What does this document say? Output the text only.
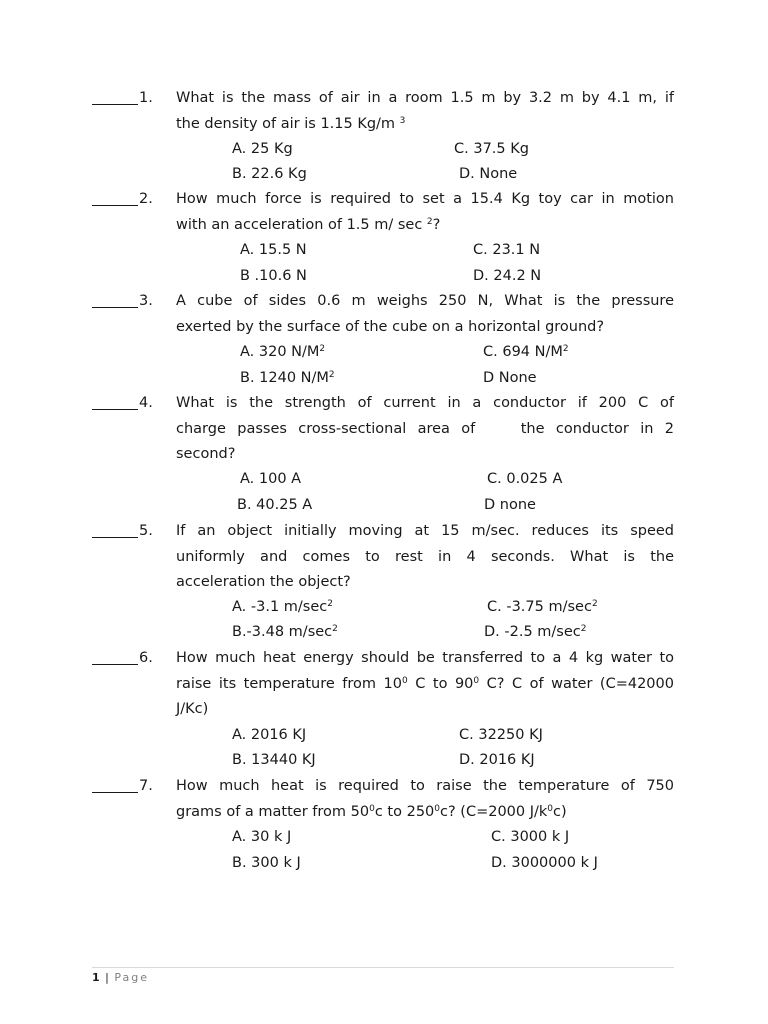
1. What is the mass of air in a room 1.5 m by 3.2 m by 4.1 m, if
the density of air is 1.15 Kg/m $^3$
A. 25 Kg	C. 37.5 Kg
B. 22.6 Kg	D. None
2. How much force is required to set a 15.4 Kg toy car in motion
with an acceleration of 1.5 m/ sec $^2$?
A. 15.5 N	C. 23.1 N
B .10.6 N	D. 24.2 N
3. A cube of sides 0.6 m weighs 250 N, What is the pressure
exerted by the surface of the cube on a horizontal ground?
A. 320 $N/M^2$	C. 694 $N/M^2$
B. 1240 $N/M^2$	D None
4. What is the strength of current in a conductor if 200 C of
charge passes cross-sectional area of    the conductor in 2
second?
A. 100 A	C. 0.025 A
B. 40.25 A	D none
5. If an object initially moving at 15 m/sec. reduces its speed
uniformly and comes to rest in 4 seconds. What is the
acceleration the object?
A. -3.1 $m/\sec^2$	C. -3.75 $m/\sec^2$
B.-3.48 $m/\sec^2$	D. -2.5 $m/\sec^2$
6. How much heat energy should be transferred to a 4 kg water to
raise its temperature from $10^0$ C to $90^0$ C? C of water (C=42000
J/Kc)
A. 2016 KJ	C. 32250 KJ
B. 13440 KJ	D. 2016 KJ
7. How much heat is required to raise the temperature of 750
grams of a matter from $50^0c$ to $250^0c$? (C=2000 $J/k^0c$)
A. 30 k J	C. 3000 k J
B. 300 k J	D. 3000000 k J
1 | Page
